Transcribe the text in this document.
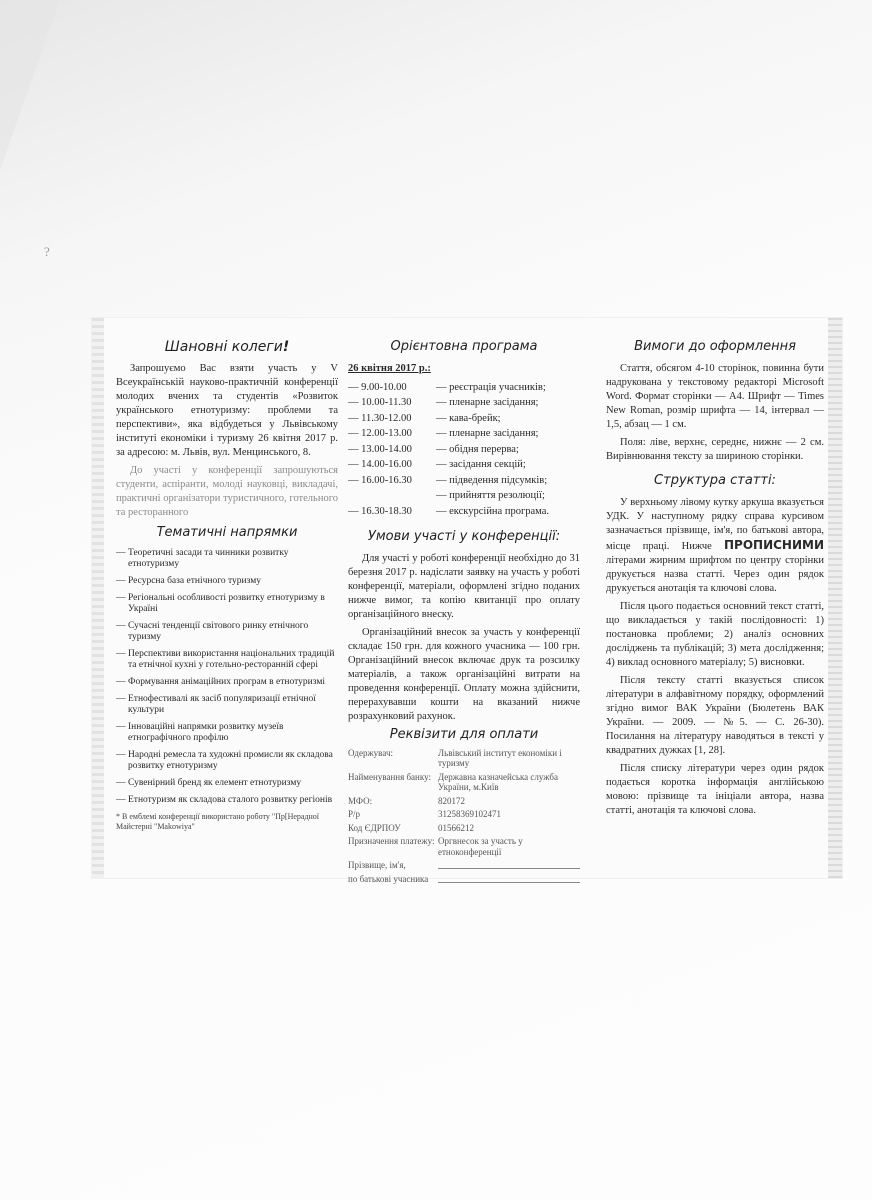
?
Шановні колеги!

Запрошуємо Вас взяти участь у V Всеукраїнській науково-практичній конференції молодих вчених та студентів «Розвиток українського етнотуризму: проблеми та перспективи», яка відбудеться у Львівському інституті економіки і туризму 26 квітня 2017 р. за адресою: м. Львів, вул. Менцинського, 8.

До участі у конференції запрошуються студенти, аспіранти, молоді науковці, викладачі, практичні організатори туристичного, готельного та ресторанного

Тематичні напрямки
— Теоретичні засади та чинники розвитку етнотуризму
— Ресурсна база етнічного туризму
— Регіональні особливості розвитку етнотуризму в Україні
— Сучасні тенденції світового ринку етнічного туризму
— Перспективи використання національних традицій та етнічної кухні у готельно-ресторанній сфері
— Формування анімаційних програм в етнотуризмі
— Етнофестивалі як засіб популяризації етнічної культури
— Інноваційні напрямки розвитку музеїв етнографічного профілю
— Народні ремесла та художні промисли як складова розвитку етнотуризму
— Сувенірний бренд як елемент етнотуризму
— Етнотуризм як складова сталого розвитку регіонів
* В емблемі конференції використано роботу "Пр[Нерадної Майстерні "Makowiya"
Орієнтовна програма
26 квітня 2017 р.:
— 9.00-10.00	— реєстрація учасників;
— 10.00-11.30	— пленарне засідання;
— 11.30-12.00	— кава-брейк;
— 12.00-13.00	— пленарне засідання;
— 13.00-14.00	— обідня перерва;
— 14.00-16.00	— засідання секцій;
— 16.00-16.30	— підведення підсумків;
— прийняття резолюції;
— 16.30-18.30	— екскурсійна програма.
Умови участі у конференції:

Для участі у роботі конференції необхідно до 31 березня 2017 р. надіслати заявку на участь у роботі конференції, матеріали, оформлені згідно поданих нижче вимог, та копію квитанції про оплату організаційного внеску.

Організаційний внесок за участь у конференції складає 150 грн. для кожного учасника — 100 грн. Організаційний внесок включає друк та розсилку матеріалів, а також організаційні витрати на проведення конференції. Оплату можна здійснити, перерахувавши кошти на вказаний нижче розрахунковий рахунок.

Реквізити для оплати
Одержувач:	Львівський інститут економіки і туризму
Найменування банку: Державна казначейська служба України, м.Київ
МФО:	820172
Р/р	31258369102471
Код ЄДРПОУ	01566212
Призначення платежу: Оргвнесок за участь у етноконференції
Прізвище, ім'я,
по батькові учасника
Вимоги до оформлення

Стаття, обсягом 4-10 сторінок, повинна бути надрукована у текстовому редакторі Microsoft Word. Формат сторінки — А4. Шрифт — Times New Roman, розмір шрифта — 14, інтервал — 1,5, абзац — 1 см.

Поля: ліве, верхнє, середнє, нижнє — 2 см. Вирівнювання тексту за шириною сторінки.

Структура статті:

У верхньому лівому кутку аркуша вказується УДК. У наступному рядку справа курсивом зазначається прізвище, ім'я, по батькові автора, місце праці. Нижче ПРОПИСНИМИ літерами жирним шрифтом по центру сторінки друкується назва статті. Через один рядок друкується анотація та ключові слова.

Після цього подається основний текст статті, що викладається у такій послідовності: 1) постановка проблеми; 2) аналіз основних досліджень та публікацій; 3) мета дослідження; 4) виклад основного матеріалу; 5) висновки.

Після тексту статті вказується список літератури в алфавітному порядку, оформлений згідно вимог ВАК України (Бюлетень ВАК України. — 2009. — №5. — С. 26-30). Посилання на літературу наводяться в тексті у квадратних дужках [1, 28].

Після списку літератури через один рядок подається коротка інформація англійською мовою: прізвище та ініціали автора, назва статті, анотація та ключові слова.
